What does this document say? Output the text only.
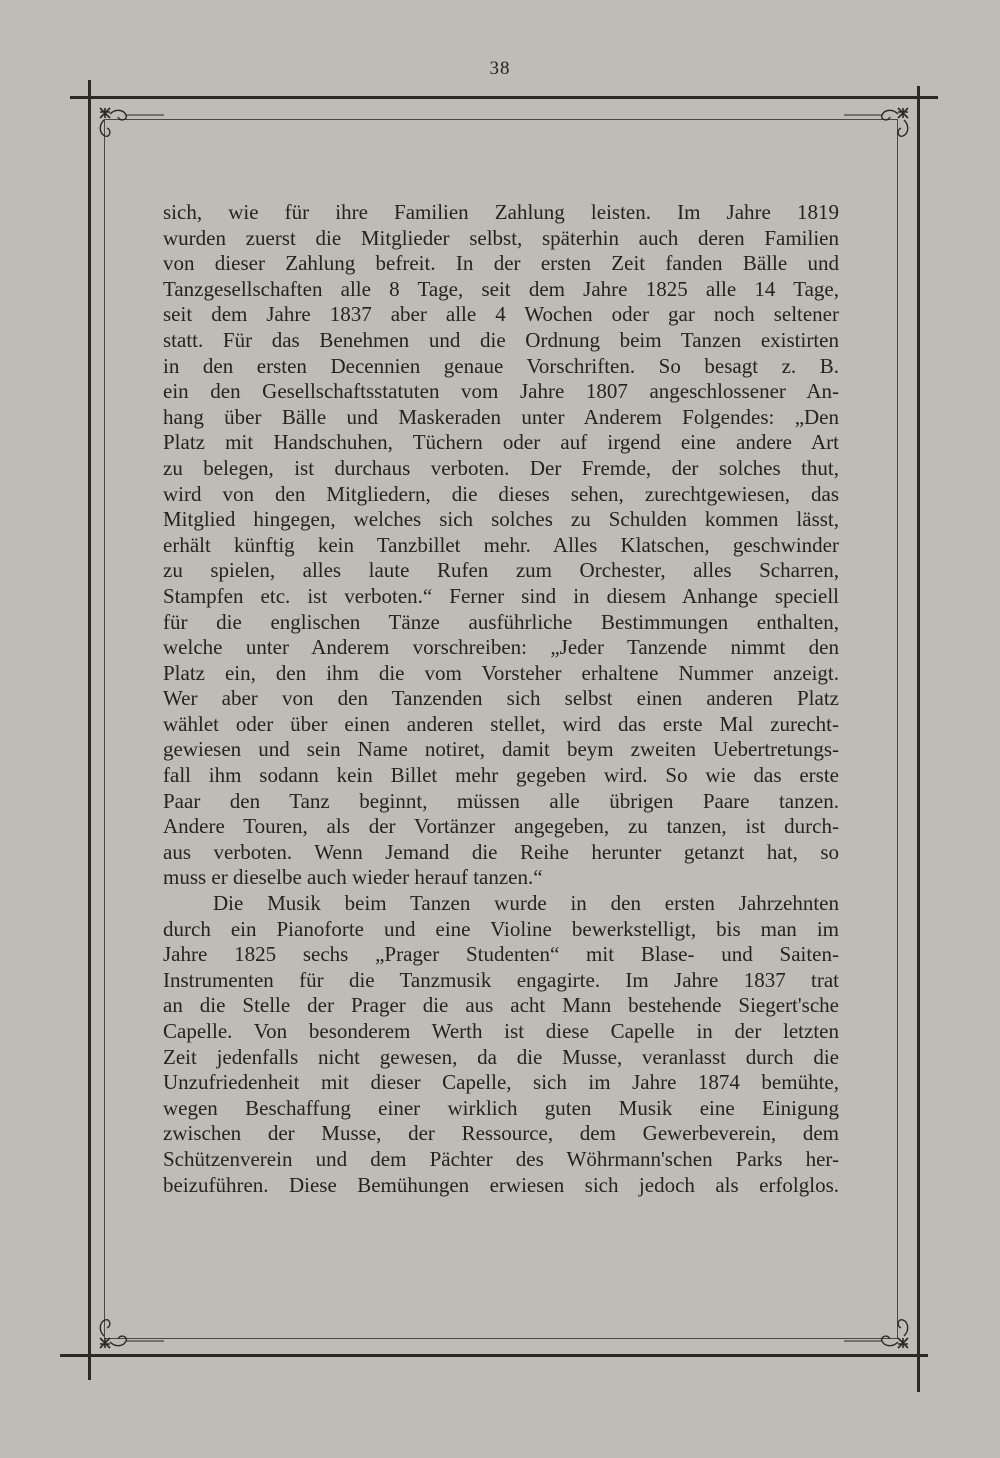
38
sich, wie für ihre Familien Zahlung leisten. Im Jahre 1819
wurden zuerst die Mitglieder selbst, späterhin auch deren Familien
von dieser Zahlung befreit. In der ersten Zeit fanden Bälle und
Tanzgesellschaften alle 8 Tage, seit dem Jahre 1825 alle 14 Tage,
seit dem Jahre 1837 aber alle 4 Wochen oder gar noch seltener
statt. Für das Benehmen und die Ordnung beim Tanzen existirten
in den ersten Decennien genaue Vorschriften. So besagt z. B.
ein den Gesellschaftsstatuten vom Jahre 1807 angeschlossener An-
hang über Bälle und Maskeraden unter Anderem Folgendes: „Den
Platz mit Handschuhen, Tüchern oder auf irgend eine andere Art
zu belegen, ist durchaus verboten. Der Fremde, der solches thut,
wird von den Mitgliedern, die dieses sehen, zurechtgewiesen, das
Mitglied hingegen, welches sich solches zu Schulden kommen lässt,
erhält künftig kein Tanzbillet mehr. Alles Klatschen, geschwinder
zu spielen, alles laute Rufen zum Orchester, alles Scharren,
Stampfen etc. ist verboten.“ Ferner sind in diesem Anhange speciell
für die englischen Tänze ausführliche Bestimmungen enthalten,
welche unter Anderem vorschreiben: „Jeder Tanzende nimmt den
Platz ein, den ihm die vom Vorsteher erhaltene Nummer anzeigt.
Wer aber von den Tanzenden sich selbst einen anderen Platz
wählet oder über einen anderen stellet, wird das erste Mal zurecht-
gewiesen und sein Name notiret, damit beym zweiten Uebertretungs-
fall ihm sodann kein Billet mehr gegeben wird. So wie das erste
Paar den Tanz beginnt, müssen alle übrigen Paare tanzen.
Andere Touren, als der Vortänzer angegeben, zu tanzen, ist durch-
aus verboten. Wenn Jemand die Reihe herunter getanzt hat, so
muss er dieselbe auch wieder herauf tanzen.“
Die Musik beim Tanzen wurde in den ersten Jahrzehnten
durch ein Pianoforte und eine Violine bewerkstelligt, bis man im
Jahre 1825 sechs „Prager Studenten“ mit Blase- und Saiten-
Instrumenten für die Tanzmusik engagirte. Im Jahre 1837 trat
an die Stelle der Prager die aus acht Mann bestehende Siegert'sche
Capelle. Von besonderem Werth ist diese Capelle in der letzten
Zeit jedenfalls nicht gewesen, da die Musse, veranlasst durch die
Unzufriedenheit mit dieser Capelle, sich im Jahre 1874 bemühte,
wegen Beschaffung einer wirklich guten Musik eine Einigung
zwischen der Musse, der Ressource, dem Gewerbeverein, dem
Schützenverein und dem Pächter des Wöhrmann'schen Parks her-
beizuführen. Diese Bemühungen erwiesen sich jedoch als erfolglos.
